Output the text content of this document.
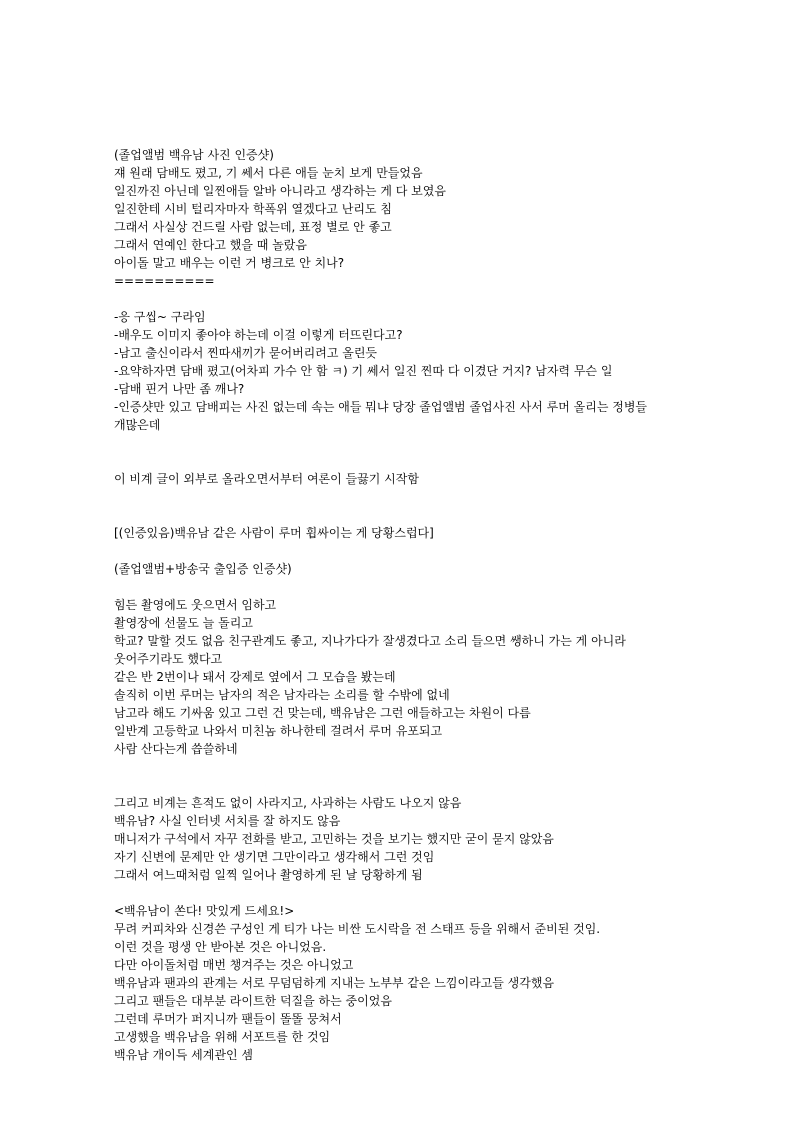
(졸업앨범 백유남 사진 인증샷)
쟤 원래 담배도 폈고, 기 쎄서 다른 애들 눈치 보게 만들었음
일진까진 아닌데 일찐애들 알바 아니라고 생각하는 게 다 보였음
일진한테 시비 털리자마자 학폭위 열겠다고 난리도 침
그래서 사실상 건드릴 사람 없는데, 표정 별로 안 좋고
그래서 연예인 한다고 했을 때 놀랐음
아이돌 말고 배우는 이런 거 병크로 안 치나?
==========
-응 구씹~ 구라임
-배우도 이미지 좋아야 하는데 이걸 이렇게 터뜨린다고?
-남고 출신이라서 찐따새끼가 묻어버리려고 올린듯
-요약하자면 담배 폈고(어차피 가수 안 함 ㅋ) 기 쎄서 일진 찐따 다 이겼단 거지? 남자력 무슨 일
-담배 핀거 나만 좀 깨나?
-인증샷만 있고 담배피는 사진 없는데 속는 애들 뭐냐 당장 졸업앨범 졸업사진 사서 루머 올리는 정병들 개많은데
이 비계 글이 외부로 올라오면서부터 여론이 들끓기 시작함
[(인증있음)백유남 같은 사람이 루머 휩싸이는 게 당황스럽다]
(졸업앨범+방송국 출입증 인증샷)
힘든 촬영에도 웃으면서 임하고
촬영장에 선물도 늘 돌리고
학교? 말할 것도 없음 친구관계도 좋고, 지나가다가 잘생겼다고 소리 들으면 쌩하니 가는 게 아니라 웃어주기라도 했다고
같은 반 2번이나 돼서 강제로 옆에서 그 모습을 봤는데
솔직히 이번 루머는 남자의 적은 남자라는 소리를 할 수밖에 없네
남고라 해도 기싸움 있고 그런 건 맞는데, 백유남은 그런 애들하고는 차원이 다름
일반계 고등학교 나와서 미친놈 하나한테 걸려서 루머 유포되고
사람 산다는게 씁쓸하네
그리고 비계는 흔적도 없이 사라지고, 사과하는 사람도 나오지 않음
백유남? 사실 인터넷 서치를 잘 하지도 않음
매니저가 구석에서 자꾸 전화를 받고, 고민하는 것을 보기는 했지만 굳이 묻지 않았음
자기 신변에 문제만 안 생기면 그만이라고 생각해서 그런 것임
그래서 여느때처럼 일찍 일어나 촬영하게 된 날 당황하게 됨
<백유남이 쏜다! 맛있게 드세요!>
무려 커피차와 신경쓴 구성인 게 티가 나는 비싼 도시락을 전 스태프 등을 위해서 준비된 것임.
이런 것을 평생 안 받아본 것은 아니었음.
다만 아이돌처럼 매번 챙겨주는 것은 아니었고
백유남과 팬과의 관계는 서로 무덤덤하게 지내는 노부부 같은 느낌이라고들 생각했음
그리고 팬들은 대부분 라이트한 덕질을 하는 중이었음
그런데 루머가 퍼지니까 팬들이 똘똘 뭉쳐서
고생했을 백유남을 위해 서포트를 한 것임
백유남 개이득 세계관인 셈
